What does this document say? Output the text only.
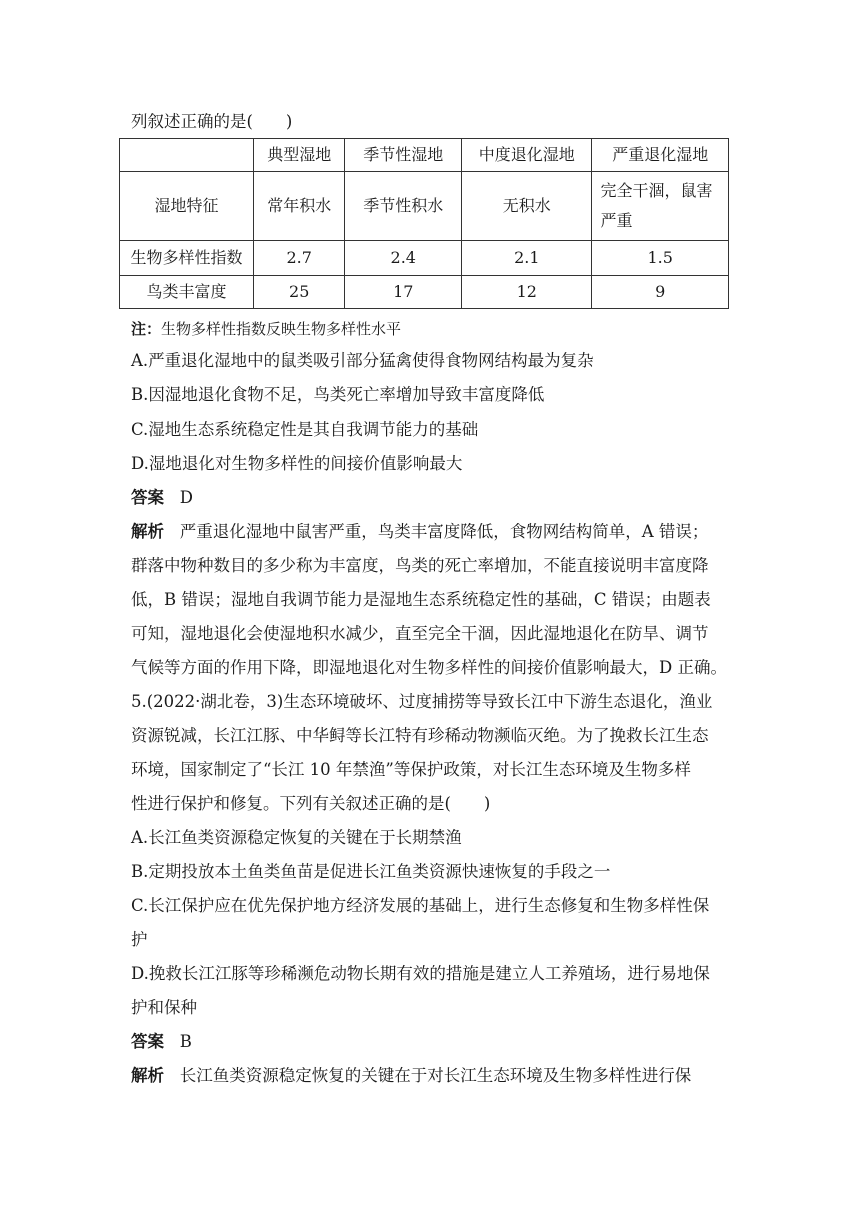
列叙述正确的是(　　)
	典型湿地	季节性湿地	中度退化湿地	严重退化湿地
湿地特征	常年积水	季节性积水	无积水	完全干涸，鼠害
严重

生物多样性指数	2.7	2.4	2.1	1.5
鸟类丰富度	25	17	12	9
注：生物多样性指数反映生物多样性水平
A.严重退化湿地中的鼠类吸引部分猛禽使得食物网结构最为复杂
B.因湿地退化食物不足，鸟类死亡率增加导致丰富度降低
C.湿地生态系统稳定性是其自我调节能力的基础
D.湿地退化对生物多样性的间接价值影响最大
答案 D
解析 严重退化湿地中鼠害严重，鸟类丰富度降低，食物网结构简单，A 错误；
群落中物种数目的多少称为丰富度，鸟类的死亡率增加，不能直接说明丰富度降
低，B 错误；湿地自我调节能力是湿地生态系统稳定性的基础，C 错误；由题表
可知，湿地退化会使湿地积水减少，直至完全干涸，因此湿地退化在防旱、调节
气候等方面的作用下降，即湿地退化对生物多样性的间接价值影响最大，D 正确。
5.(2022·湖北卷，3)生态环境破坏、过度捕捞等导致长江中下游生态退化，渔业
资源锐减，长江江豚、中华鲟等长江特有珍稀动物濒临灭绝。为了挽救长江生态
环境，国家制定了“长江 10 年禁渔”等保护政策，对长江生态环境及生物多样
性进行保护和修复。下列有关叙述正确的是(　　)
A.长江鱼类资源稳定恢复的关键在于长期禁渔
B.定期投放本土鱼类鱼苗是促进长江鱼类资源快速恢复的手段之一
C.长江保护应在优先保护地方经济发展的基础上，进行生态修复和生物多样性保
护
D.挽救长江江豚等珍稀濒危动物长期有效的措施是建立人工养殖场，进行易地保
护和保种
答案 B
解析 长江鱼类资源稳定恢复的关键在于对长江生态环境及生物多样性进行保
